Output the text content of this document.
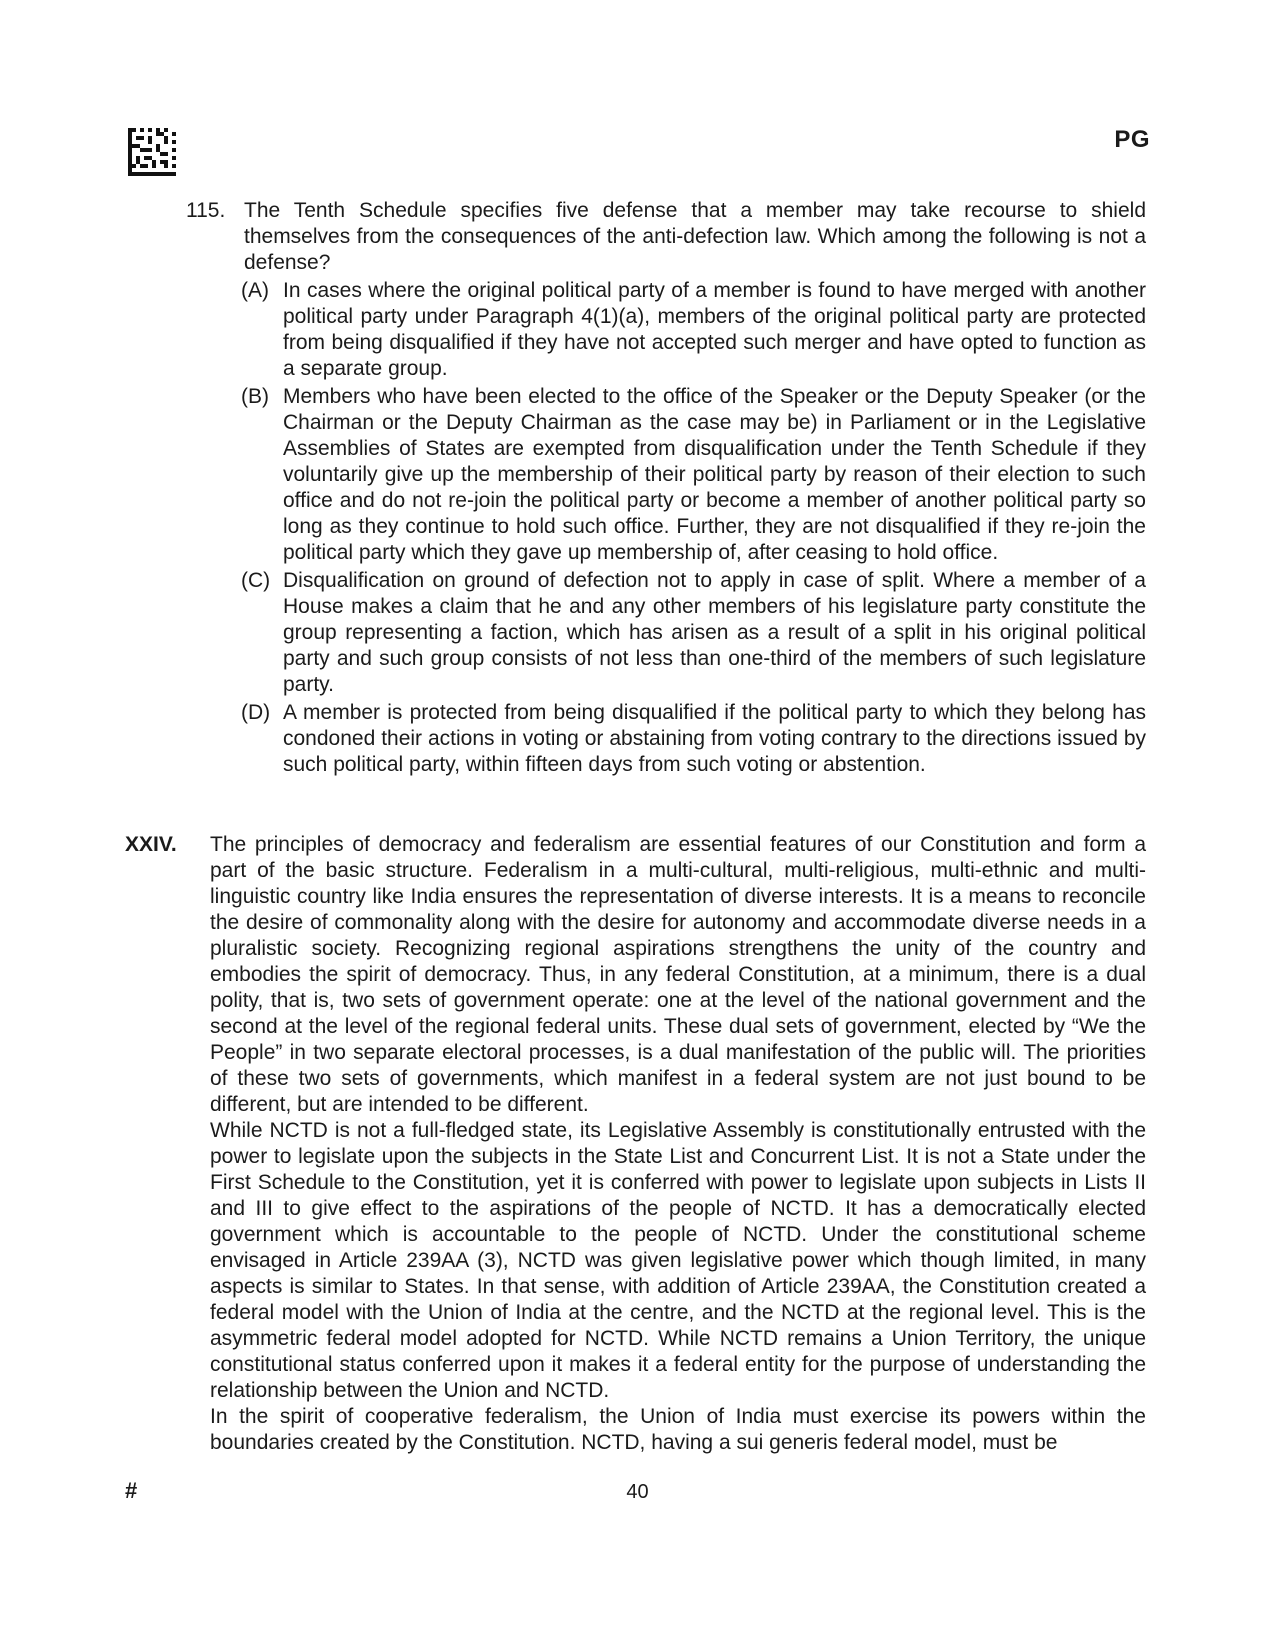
PG
115. The Tenth Schedule specifies five defense that a member may take recourse to shield themselves from the consequences of the anti-defection law. Which among the following is not a defense?
(A) In cases where the original political party of a member is found to have merged with another political party under Paragraph 4(1)(a), members of the original political party are protected from being disqualified if they have not accepted such merger and have opted to function as a separate group.
(B) Members who have been elected to the office of the Speaker or the Deputy Speaker (or the Chairman or the Deputy Chairman as the case may be) in Parliament or in the Legislative Assemblies of States are exempted from disqualification under the Tenth Schedule if they voluntarily give up the membership of their political party by reason of their election to such office and do not re-join the political party or become a member of another political party so long as they continue to hold such office. Further, they are not disqualified if they re-join the political party which they gave up membership of, after ceasing to hold office.
(C) Disqualification on ground of defection not to apply in case of split. Where a member of a House makes a claim that he and any other members of his legislature party constitute the group representing a faction, which has arisen as a result of a split in his original political party and such group consists of not less than one-third of the members of such legislature party.
(D) A member is protected from being disqualified if the political party to which they belong has condoned their actions in voting or abstaining from voting contrary to the directions issued by such political party, within fifteen days from such voting or abstention.
XXIV.	The principles of democracy and federalism are essential features of our Constitution and form a part of the basic structure. Federalism in a multi-cultural, multi-religious, multi-ethnic and multi-linguistic country like India ensures the representation of diverse interests. It is a means to reconcile the desire of commonality along with the desire for autonomy and accommodate diverse needs in a pluralistic society. Recognizing regional aspirations strengthens the unity of the country and embodies the spirit of democracy. Thus, in any federal Constitution, at a minimum, there is a dual polity, that is, two sets of government operate: one at the level of the national government and the second at the level of the regional federal units. These dual sets of government, elected by “We the People” in two separate electoral processes, is a dual manifestation of the public will. The priorities of these two sets of governments, which manifest in a federal system are not just bound to be different, but are intended to be different.

While NCTD is not a full-fledged state, its Legislative Assembly is constitutionally entrusted with the power to legislate upon the subjects in the State List and Concurrent List. It is not a State under the First Schedule to the Constitution, yet it is conferred with power to legislate upon subjects in Lists II and III to give effect to the aspirations of the people of NCTD. It has a democratically elected government which is accountable to the people of NCTD. Under the constitutional scheme envisaged in Article 239AA (3), NCTD was given legislative power which though limited, in many aspects is similar to States. In that sense, with addition of Article 239AA, the Constitution created a federal model with the Union of India at the centre, and the NCTD at the regional level. This is the asymmetric federal model adopted for NCTD. While NCTD remains a Union Territory, the unique constitutional status conferred upon it makes it a federal entity for the purpose of understanding the relationship between the Union and NCTD.

In the spirit of cooperative federalism, the Union of India must exercise its powers within the boundaries created by the Constitution. NCTD, having a sui generis federal model, must be

#	40
